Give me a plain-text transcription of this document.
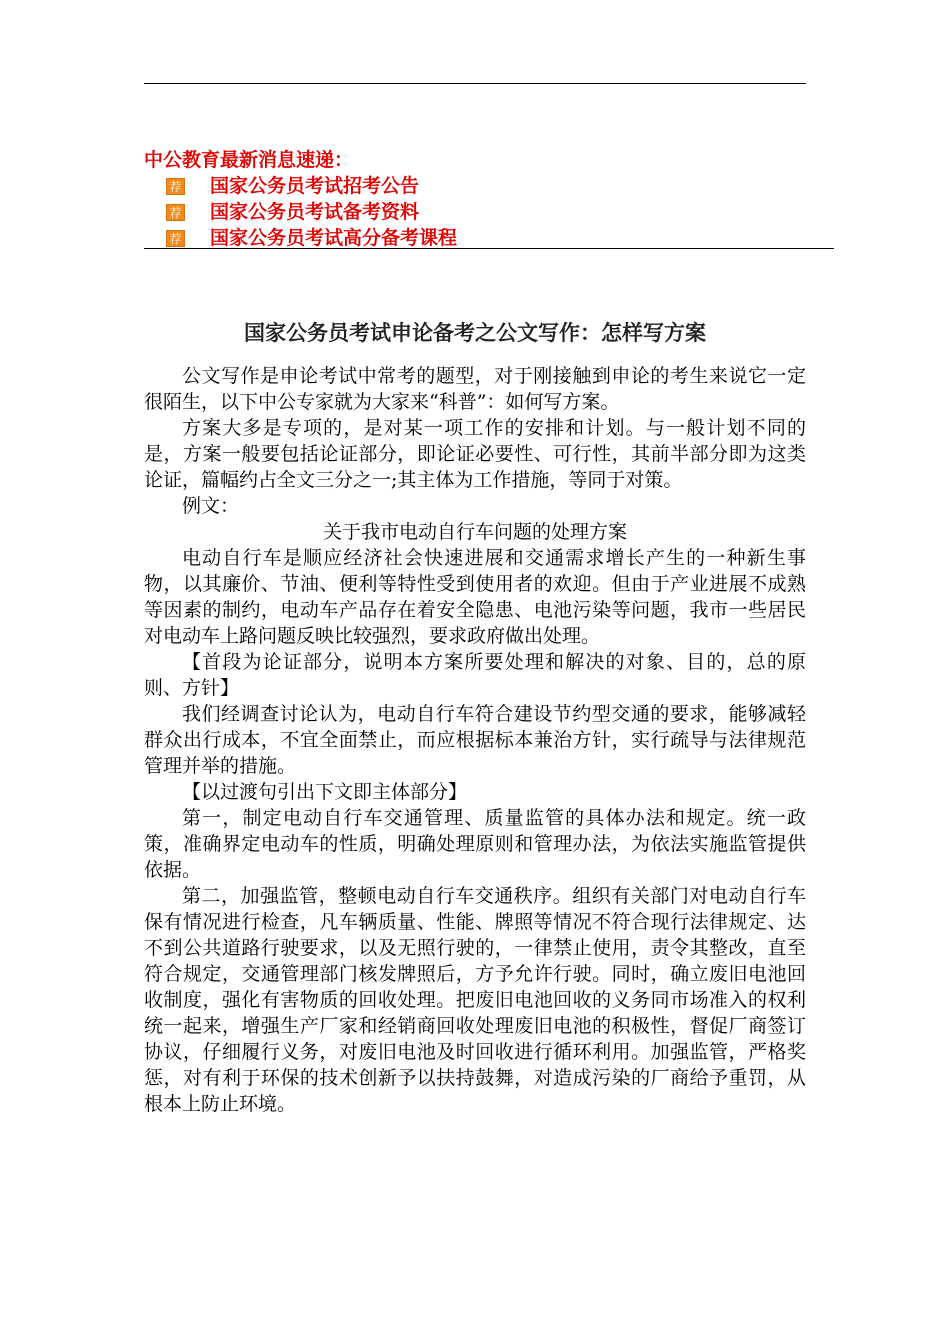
中公教育最新消息速递：
荐 国家公务员考试招考公告
荐 国家公务员考试备考资料
荐 国家公务员考试高分备考课程
国家公务员考试申论备考之公文写作：怎样写方案

公文写作是申论考试中常考的题型，对于刚接触到申论的考生来说它一定很陌生，以下中公专家就为大家来“科普”：如何写方案。

方案大多是专项的，是对某一项工作的安排和计划。与一般计划不同的是，方案一般要包括论证部分，即论证必要性、可行性，其前半部分即为这类论证，篇幅约占全文三分之一;其主体为工作措施，等同于对策。

例文：

关于我市电动自行车问题的处理方案

电动自行车是顺应经济社会快速进展和交通需求增长产生的一种新生事物，以其廉价、节油、便利等特性受到使用者的欢迎。但由于产业进展不成熟等因素的制约，电动车产品存在着安全隐患、电池污染等问题，我市一些居民对电动车上路问题反映比较强烈，要求政府做出处理。

【首段为论证部分，说明本方案所要处理和解决的对象、目的，总的原则、方针】

我们经调查讨论认为，电动自行车符合建设节约型交通的要求，能够减轻群众出行成本，不宜全面禁止，而应根据标本兼治方针，实行疏导与法律规范管理并举的措施。

【以过渡句引出下文即主体部分】

第一，制定电动自行车交通管理、质量监管的具体办法和规定。统一政策，准确界定电动车的性质，明确处理原则和管理办法，为依法实施监管提供依据。

第二，加强监管，整顿电动自行车交通秩序。组织有关部门对电动自行车保有情况进行检查，凡车辆质量、性能、牌照等情况不符合现行法律规定、达不到公共道路行驶要求，以及无照行驶的，一律禁止使用，责令其整改，直至符合规定，交通管理部门核发牌照后，方予允许行驶。同时，确立废旧电池回收制度，强化有害物质的回收处理。把废旧电池回收的义务同市场准入的权利统一起来，增强生产厂家和经销商回收处理废旧电池的积极性，督促厂商签订协议，仔细履行义务，对废旧电池及时回收进行循环利用。加强监管，严格奖惩，对有利于环保的技术创新予以扶持鼓舞，对造成污染的厂商给予重罚，从根本上防止环境。
